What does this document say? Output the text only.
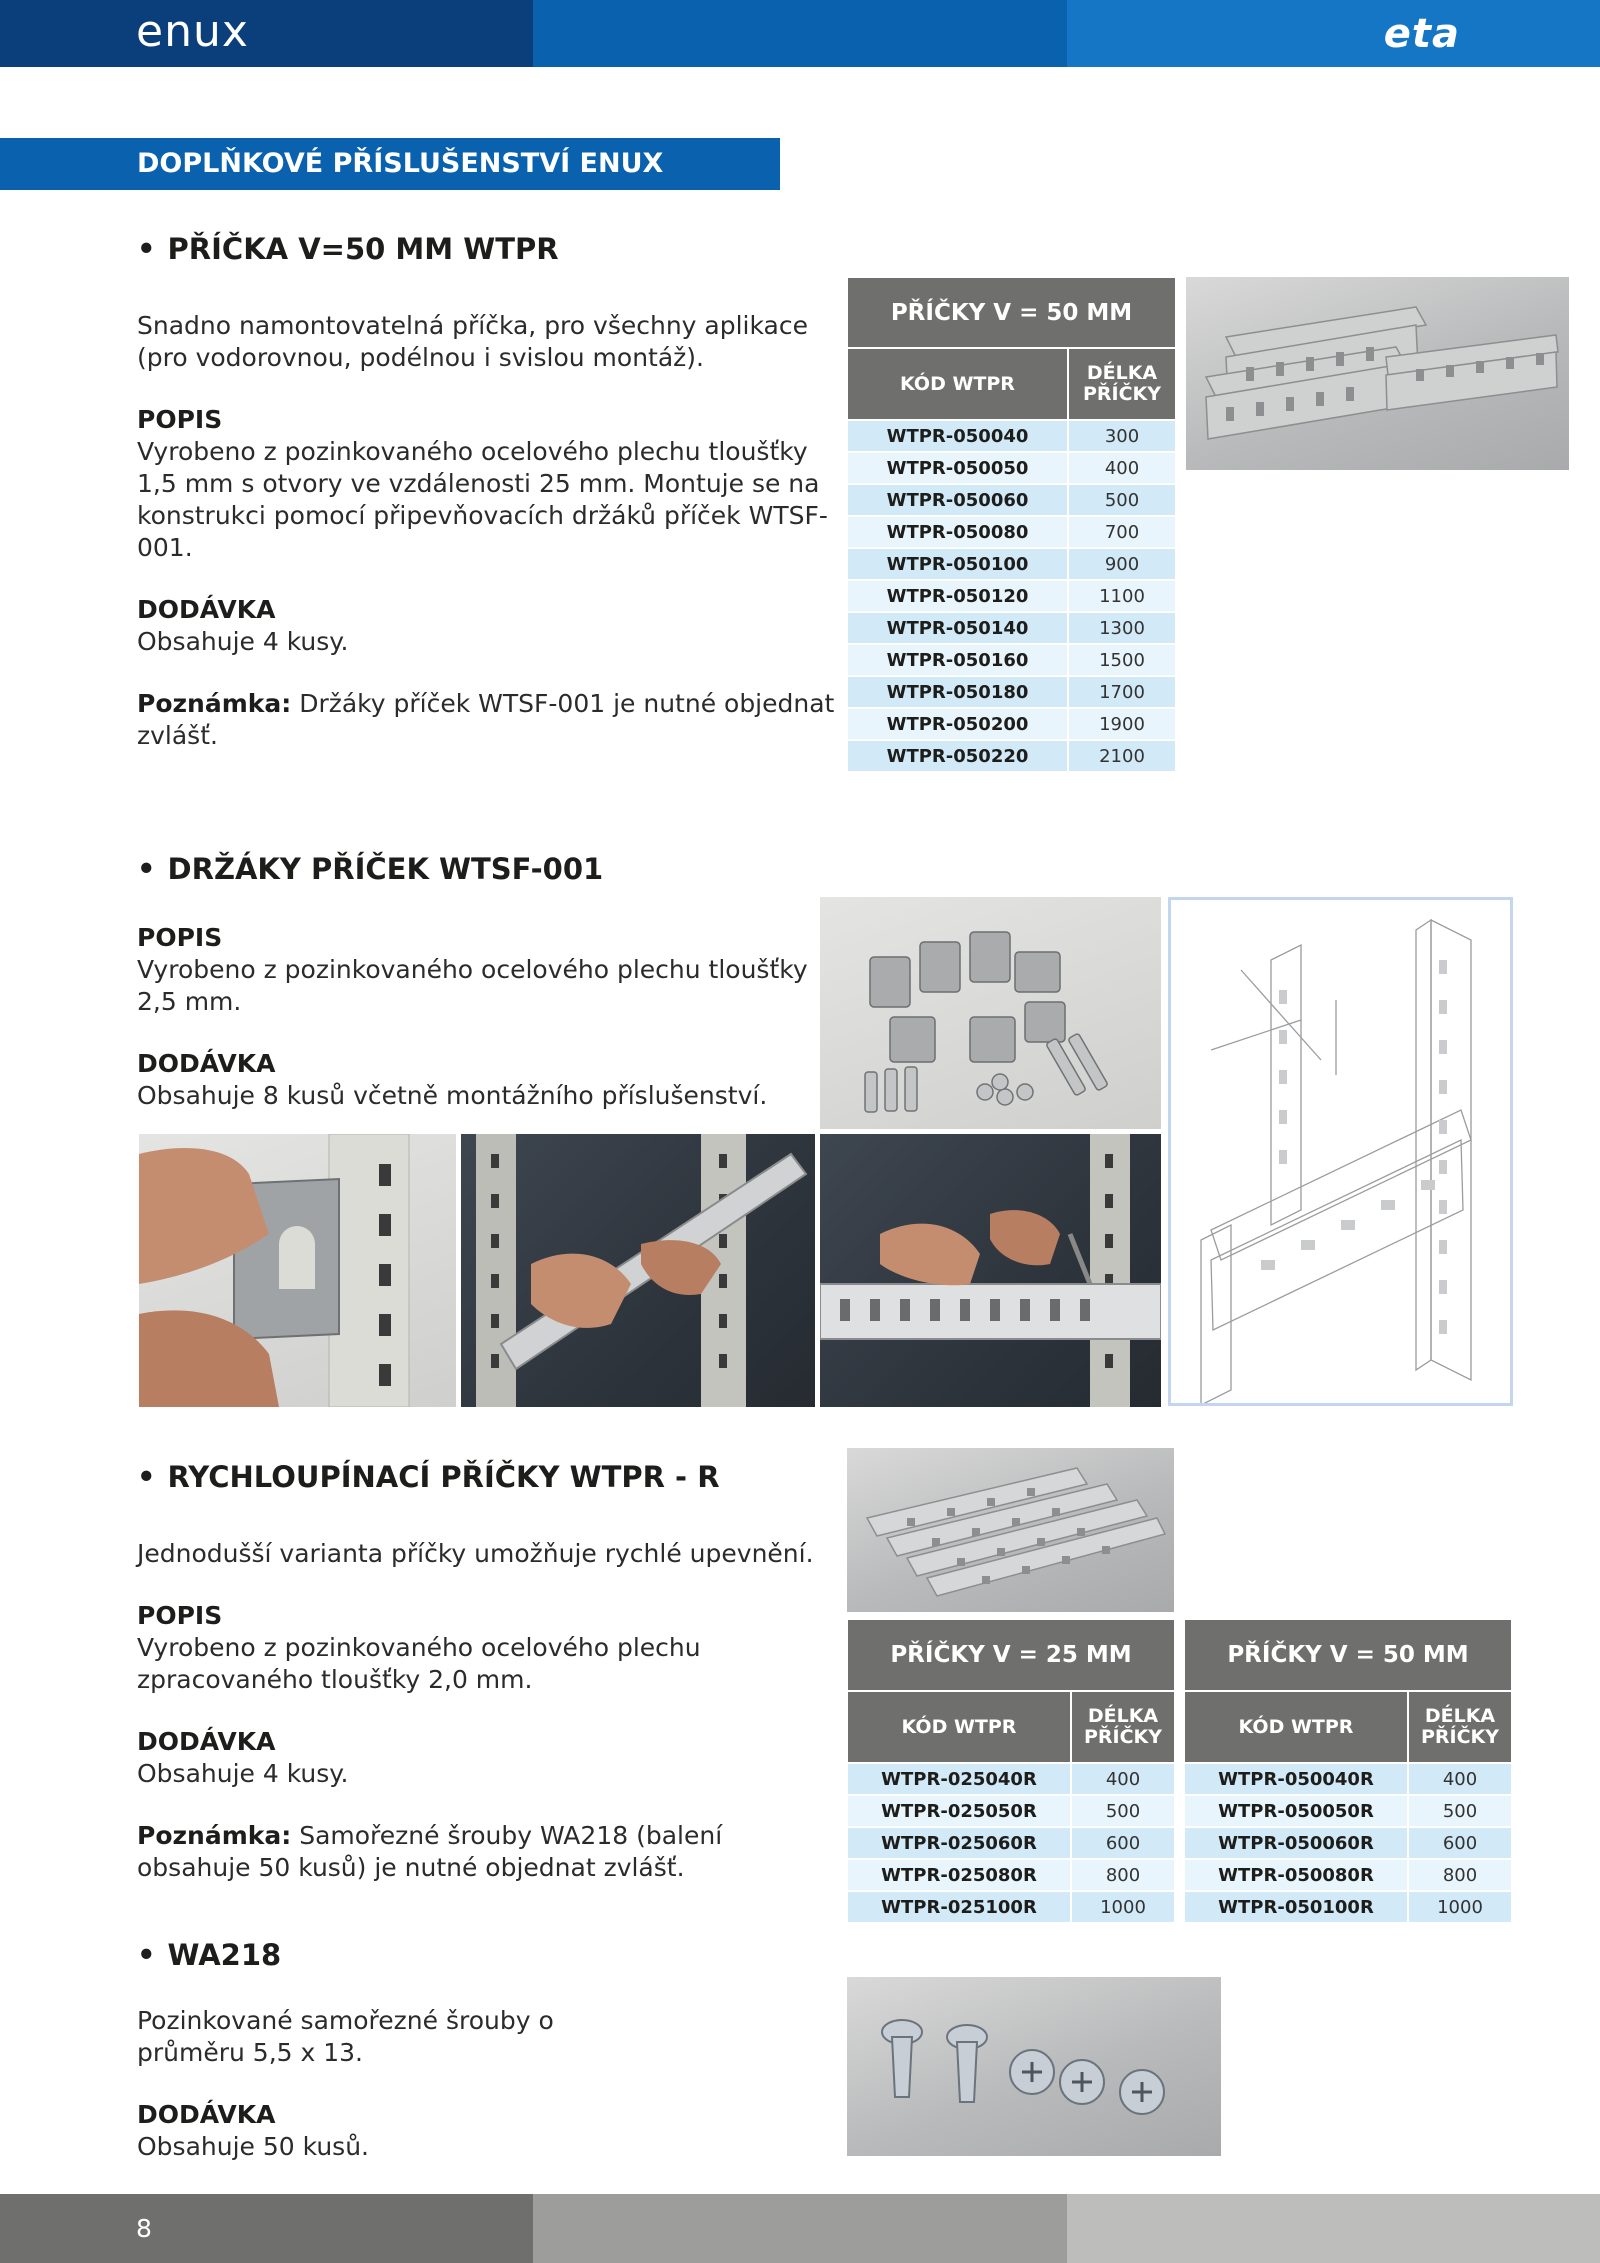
enux	eta
DOPLŇKOVÉ PŘÍSLUŠENSTVÍ ENUX
• PŘÍČKA V=50 MM WTPR

Snadno namontovatelná příčka, pro všechny aplikace (pro vodorovnou, podélnou i svislou montáž).

POPIS
Vyrobeno z pozinkovaného ocelového plechu tloušťky 1,5 mm s otvory ve vzdálenosti 25 mm. Montuje se na konstrukci pomocí připevňovacích držáků příček WTSF-001.

DODÁVKA
Obsahuje 4 kusy.

Poznámka: Držáky příček WTSF-001 je nutné objednat zvlášť.

PŘÍČKY V = 50 MM	
KÓD WTPR	DÉLKA PŘÍČKY
WTPR-050040	300
WTPR-050050	400
WTPR-050060	500
WTPR-050080	700
WTPR-050100	900
WTPR-050120	1100
WTPR-050140	1300
WTPR-050160	1500
WTPR-050180	1700
WTPR-050200	1900
WTPR-050220	2100
• DRŽÁKY PŘÍČEK WTSF-001

POPIS
Vyrobeno z pozinkovaného ocelového plechu tloušťky 2,5 mm.

DODÁVKA
Obsahuje 8 kusů včetně montážního příslušenství.

• RYCHLOUPÍNACÍ PŘÍČKY WTPR - R

Jednodušší varianta příčky umožňuje rychlé upevnění.

POPIS
Vyrobeno z pozinkovaného ocelového plechu zpracovaného tloušťky 2,0 mm.

DODÁVKA
Obsahuje 4 kusy.

Poznámka: Samořezné šrouby WA218 (balení obsahuje 50 kusů) je nutné objednat zvlášť.

PŘÍČKY V = 25 MM	
KÓD WTPR	DÉLKA PŘÍČKY
WTPR-025040R	400
WTPR-025050R	500
WTPR-025060R	600
WTPR-025080R	800
WTPR-025100R	1000
PŘÍČKY V = 50 MM	
KÓD WTPR	DÉLKA PŘÍČKY
WTPR-050040R	400
WTPR-050050R	500
WTPR-050060R	600
WTPR-050080R	800
WTPR-050100R	1000
• WA218

Pozinkované samořezné šrouby o průměru 5,5 x 13.

DODÁVKA
Obsahuje 50 kusů.

8
